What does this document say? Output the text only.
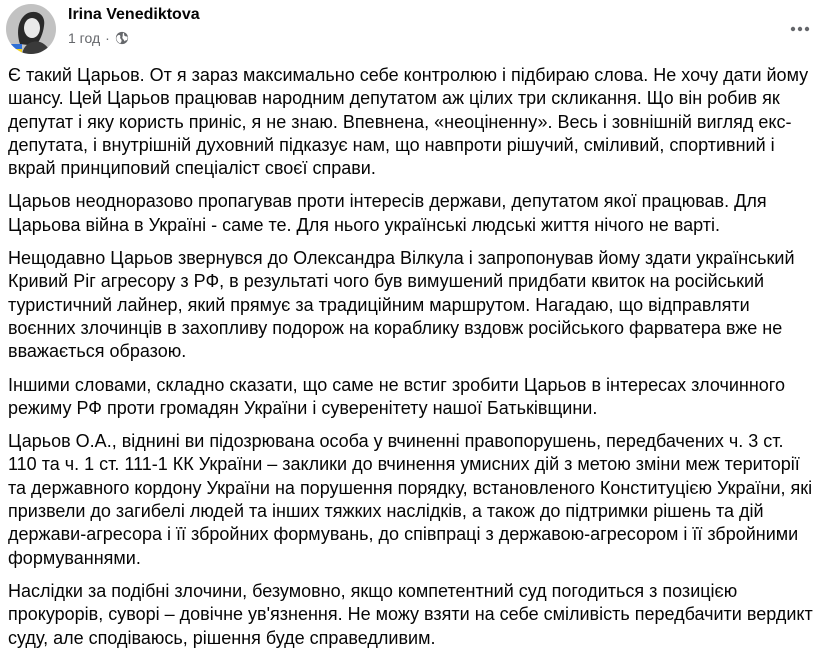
Irina Venediktova
1 год ·

Є такий Царьов. От я зараз максимально себе контролюю і підбираю слова. Не хочу дати йому шансу. Цей Царьов працював народним депутатом аж цілих три скликання. Що він робив як депутат і яку користь приніс, я не знаю. Впевнена, «неоціненну». Весь і зовнішній вигляд екс-депутата, і внутрішній духовний підказує нам, що навпроти рішучий, сміливий, спортивний і вкрай принциповий спеціаліст своєї справи.

Царьов неодноразово пропагував проти інтересів держави, депутатом якої працював. Для Царьова війна в Україні - саме те. Для нього українські людські життя нічого не варті.

Нещодавно Царьов звернувся до Олександра Вілкула і запропонував йому здати український Кривий Ріг агресору з РФ, в результаті чого був вимушений придбати квиток на російський туристичний лайнер, який прямує за традиційним маршрутом. Нагадаю, що відправляти воєнних злочинців в захопливу подорож на кораблику вздовж російського фарватера вже не вважається образою.

Іншими словами, складно сказати, що саме не встиг зробити Царьов в інтересах злочинного режиму РФ проти громадян України і суверенітету нашої Батьківщини.

Царьов О.А., віднині ви підозрювана особа у вчиненні правопорушень, передбачених ч. 3 ст. 110 та ч. 1 ст. 111-1 КК України – заклики до вчинення умисних дій з метою зміни меж території та державного кордону України на порушення порядку, встановленого Конституцією України, які призвели до загибелі людей та інших тяжких наслідків, а також до підтримки рішень та дій держави-агресора і її збройних формувань, до співпраці з державою-агресором і її збройними формуваннями.

Наслідки за подібні злочини, безумовно, якщо компетентний суд погодиться з позицією прокурорів, суворі – довічне ув'язнення. Не можу взяти на себе сміливість передбачити вердикт суду, але сподіваюсь, рішення буде справедливим.
